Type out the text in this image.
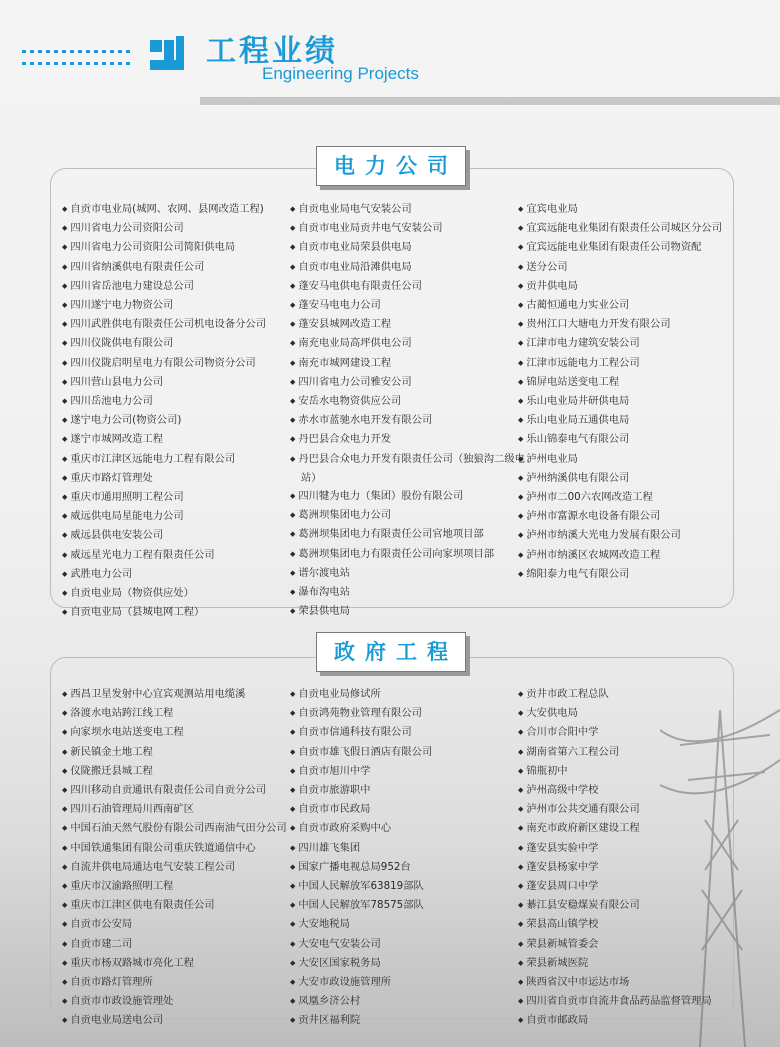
工程业绩
Engineering Projects
电力公司
◆ 自贡市电业局(城网、农网、县网改造工程)
◆ 四川省电力公司资阳公司
◆ 四川省电力公司资阳公司简阳供电局
◆ 四川省纳溪供电有限责任公司
◆ 四川省岳池电力建设总公司
◆ 四川遂宁电力物资公司
◆ 四川武胜供电有限责任公司机电设备分公司
◆ 四川仪陇供电有限公司
◆ 四川仪陇启明星电力有限公司物资分公司
◆ 四川营山县电力公司
◆ 四川岳池电力公司
◆ 遂宁电力公司(物资公司)
◆ 遂宁市城网改造工程
◆ 重庆市江津区远能电力工程有限公司
◆ 重庆市路灯管理处
◆ 重庆市通用照明工程公司
◆ 威远供电局星能电力公司
◆ 威远县供电安装公司
◆ 威远星光电力工程有限责任公司
◆ 武胜电力公司
◆ 自贡电业局（物资供应处）
◆ 自贡电业局（县城电网工程）
◆ 自贡电业局电气安装公司
◆ 自贡市电业局贡井电气安装公司
◆ 自贡市电业局荣县供电局
◆ 自贡市电业局沿滩供电局
◆ 蓬安马电供电有限责任公司
◆ 蓬安马电电力公司
◆ 蓬安县城网改造工程
◆ 南充电业局高坪供电公司
◆ 南充市城网建设工程
◆ 四川省电力公司雅安公司
◆ 安岳水电物资供应公司
◆ 赤水市蓝驰水电开发有限公司
◆ 丹巴县合众电力开发
◆ 丹巴县合众电力开发有限责任公司（独狼沟二级电站）
◆ 四川犍为电力（集团）股份有限公司
◆ 葛洲坝集团电力公司
◆ 葛洲坝集团电力有限责任公司官地项目部
◆ 葛洲坝集团电力有限责任公司向家坝项目部
◆ 谱尔渡电站
◆ 瀑布沟电站
◆ 荣县供电局
◆ 宜宾电业局
◆ 宜宾远能电业集团有限责任公司城区分公司
◆ 宜宾远能电业集团有限责任公司物资配
◆ 送分公司
◆ 贡井供电局
◆ 古蔺恒通电力实业公司
◆ 贵州江口大塘电力开发有限公司
◆ 江津市电力建筑安装公司
◆ 江津市远能电力工程公司
◆ 锦屏电站送变电工程
◆ 乐山电业局井研供电局
◆ 乐山电业局五通供电局
◆ 乐山锦泰电气有限公司
◆ 泸州电业局
◆ 泸州纳溪供电有限公司
◆ 泸州市二00六农网改造工程
◆ 泸州市富源水电设备有限公司
◆ 泸州市纳溪大光电力发展有限公司
◆ 泸州市纳溪区农城网改造工程
◆ 绵阳泰力电气有限公司
政府工程
◆ 西昌卫星发射中心宜宾观测站用电缆溪
◆ 洛渡水电站跨江线工程
◆ 向家坝水电站送变电工程
◆ 新民镇金土地工程
◆ 仪陇搬迁县城工程
◆ 四川移动自贡通讯有限责任公司自贡分公司
◆ 四川石油管理局川西南矿区
◆ 中国石油天然气股份有限公司西南油气田分公司
◆ 中国铁通集团有限公司重庆铁道通信中心
◆ 自流井供电局通达电气安装工程公司
◆ 重庆市汉渝路照明工程
◆ 重庆市江津区供电有限责任公司
◆ 自贡市公安局
◆ 自贡市建二司
◆ 重庆市杨双路城市亮化工程
◆ 自贡市路灯管理所
◆ 自贡市市政设施管理处
◆ 自贡电业局送电公司
◆ 自贡电业局修试所
◆ 自贡鸿苑物业管理有限公司
◆ 自贡市信通科技有限公司
◆ 自贡市雄飞假日酒店有限公司
◆ 自贡市旭川中学
◆ 自贡市旅游职中
◆ 自贡市市民政局
◆ 自贡市政府采购中心
◆ 四川雄飞集团
◆ 国家广播电视总局952台
◆ 中国人民解放军63819部队
◆ 中国人民解放军78575部队
◆ 大安地税局
◆ 大安电气安装公司
◆ 大安区国家税务局
◆ 大安市政设施管理所
◆ 凤凰乡济公村
◆ 贡井区福利院
◆ 贡井市政工程总队
◆ 大安供电局
◆ 合川市合阳中学
◆ 湖南省第六工程公司
◆ 锦瓶初中
◆ 泸州高级中学校
◆ 泸州市公共交通有限公司
◆ 南充市政府新区建设工程
◆ 蓬安县实验中学
◆ 蓬安县杨家中学
◆ 蓬安县周口中学
◆ 綦江县安稳煤炭有限公司
◆ 荣县高山镇学校
◆ 荣县新城管委会
◆ 荣县新城医院
◆ 陕西省汉中市运达市场
◆ 四川省自贡市自流井食品药品监督管理局
◆ 自贡市邮政局
